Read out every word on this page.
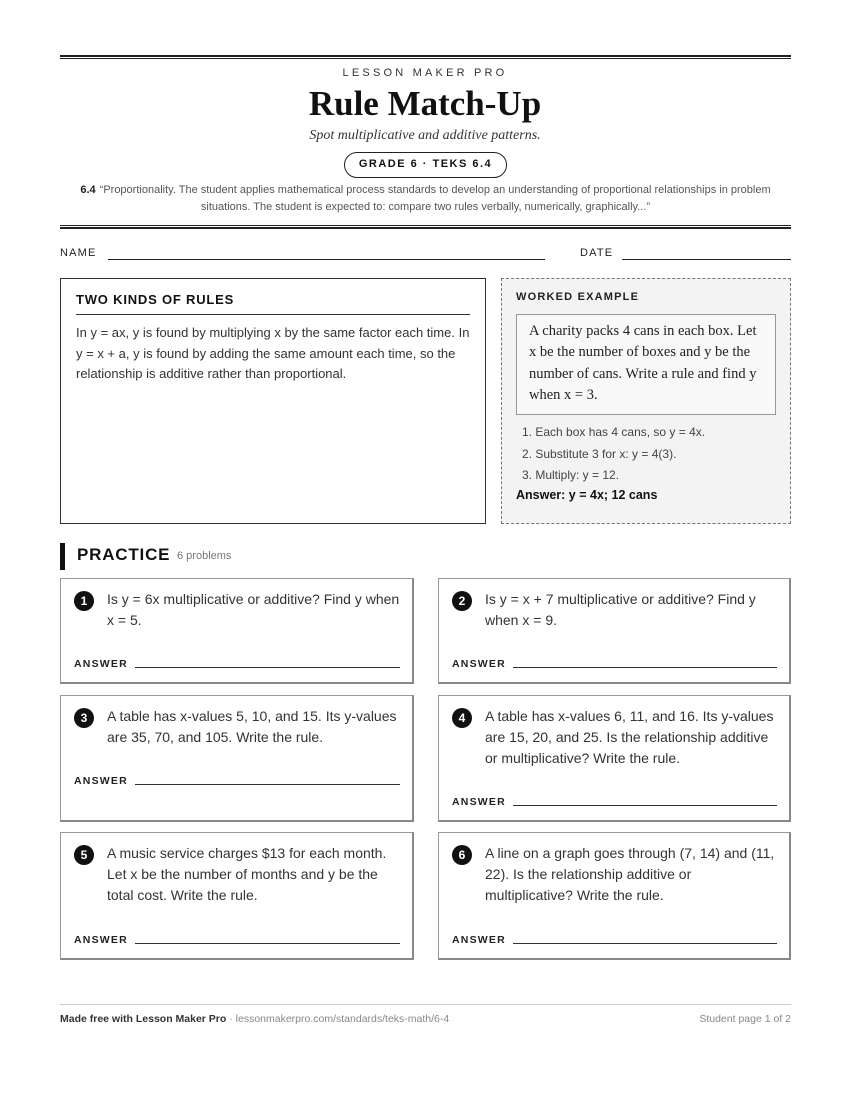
LESSON MAKER PRO
Rule Match-Up
Spot multiplicative and additive patterns.
GRADE 6 · TEKS 6.4
6.4 “Proportionality. The student applies mathematical process standards to develop an understanding of proportional relationships in problem situations. The student is expected to: compare two rules verbally, numerically, graphically...”
NAME	DATE
TWO KINDS OF RULES
In y = ax, y is found by multiplying x by the same factor each time. In y = x + a, y is found by adding the same amount each time, so the relationship is additive rather than proportional.
WORKED EXAMPLE
A charity packs 4 cans in each box. Let x be the number of boxes and y be the number of cans. Write a rule and find y when x = 3.
1. Each box has 4 cans, so y = 4x.
2. Substitute 3 for x: y = 4(3).
3. Multiply: y = 12.
Answer: y = 4x; 12 cans
PRACTICE 6 problems
1	Is y = 6x multiplicative or additive? Find y when x = 5.
ANSWER
2	Is y = x + 7 multiplicative or additive? Find y when x = 9.
ANSWER
3	A table has x-values 5, 10, and 15. Its y-values are 35, 70, and 105. Write the rule.
ANSWER
4	A table has x-values 6, 11, and 16. Its y-values are 15, 20, and 25. Is the relationship additive or multiplicative? Write the rule.
ANSWER
5	A music service charges $13 for each month. Let x be the number of months and y be the total cost. Write the rule.
ANSWER
6	A line on a graph goes through (7, 14) and (11, 22). Is the relationship additive or multiplicative? Write the rule.
ANSWER
Made free with Lesson Maker Pro · lessonmakerpro.com/standards/teks-math/6-4	Student page 1 of 2
